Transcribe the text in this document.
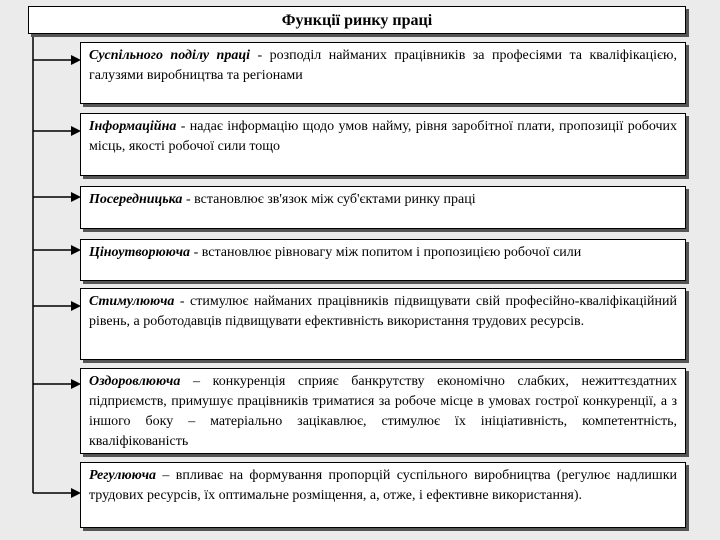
Функції ринку праці
Суспільного поділу праці - розподіл найманих працівників за професіями та кваліфікацією, галузями виробництва та регіонами
Інформаційна - надає інформацію щодо умов найму, рівня заробітної плати, пропозиції робочих місць, якості робочої сили тощо
Посередницька - встановлює зв'язок між суб'єктами ринку праці
Ціноутворююча - встановлює рівновагу між попитом і пропозицією робочої сили
Стимулююча - стимулює найманих працівників підвищувати свій професійно-кваліфікаційний рівень, а роботодавців підвищувати ефективність використання трудових ресурсів.
Оздоровлююча – конкуренція сприяє банкрутству економічно слабких, нежиттєздатних підприємств, примушує працівників триматися за робоче місце в умовах гострої конкуренції, а з іншого боку – матеріально зацікавлює, стимулює їх ініціативність, компетентність, кваліфікованість
Регулююча – впливає на формування пропорцій суспільного виробництва (регулює надлишки трудових ресурсів, їх оптимальне розміщення, а, отже, і ефективне використання).
